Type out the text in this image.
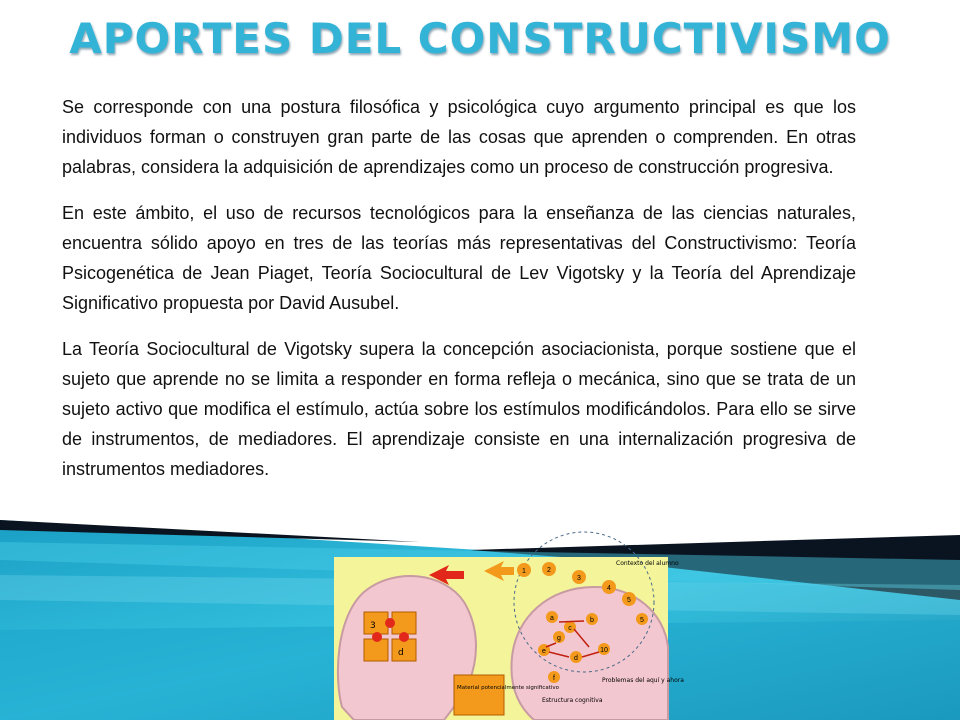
APORTES DEL CONSTRUCTIVISMO

Se corresponde con una postura filosófica y psicológica cuyo argumento principal es que los individuos forman o construyen gran parte de las cosas que aprenden o comprenden. En otras palabras, considera la adquisición de aprendizajes como un proceso de construcción progresiva.

En este ámbito, el uso de recursos tecnológicos para la enseñanza de las ciencias naturales, encuentra sólido apoyo en tres de las teorías más representativas del Constructivismo: Teoría Psicogenética de Jean Piaget, Teoría Sociocultural de Lev Vigotsky y la Teoría del Aprendizaje Significativo propuesta por David Ausubel.

La Teoría Sociocultural de Vigotsky supera la concepción asociacionista, porque sostiene que el sujeto que aprende no se limita a responder en forma refleja o mecánica, sino que se trata de un sujeto activo que modifica el estímulo, actúa sobre los estímulos modificándolos. Para ello se sirve de instrumentos, de mediadores. El aprendizaje consiste en una internalización progresiva de instrumentos mediadores.

3
d
Contexto del alumno
1	2
3
4
5
a	b
c
d
e
f
g
5
10
Estructura cognitiva
Problemas del aquí y ahora
Material potencialmente significativo
